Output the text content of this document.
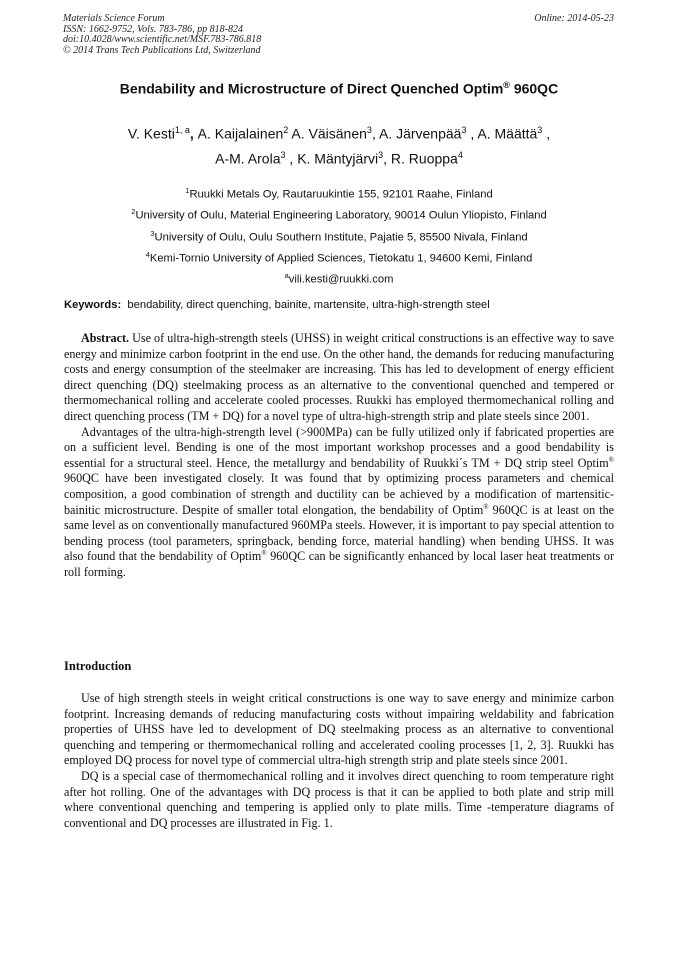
Materials Science Forum
ISSN: 1662-9752, Vols. 783-786, pp 818-824
doi:10.4028/www.scientific.net/MSF.783-786.818
© 2014 Trans Tech Publications Ltd, Switzerland
Online: 2014-05-23
Bendability and Microstructure of Direct Quenched Optim® 960QC
V. Kesti$^{1, a}$, A. Kaijalainen$^2$ A. Väisänen$^3$, A. Järvenpää$^3$ , A. Määttä$^3$ ,
A-M. Arola$^3$ , K. Mäntyjärvi$^3$, R. Ruoppa$^4$
$^1$Ruukki Metals Oy, Rautaruukintie 155, 92101 Raahe, Finland
$^2$University of Oulu, Material Engineering Laboratory, 90014 Oulun Yliopisto, Finland
$^3$University of Oulu, Oulu Southern Institute, Pajatie 5, 85500 Nivala, Finland
$^4$Kemi-Tornio University of Applied Sciences, Tietokatu 1, 94600 Kemi, Finland
$^a$vili.kesti@ruukki.com
Keywords: bendability, direct quenching, bainite, martensite, ultra-high-strength steel

Abstract. Use of ultra-high-strength steels (UHSS) in weight critical constructions is an effective way to save energy and minimize carbon footprint in the end use. On the other hand, the demands for reducing manufacturing costs and energy consumption of the steelmaker are increasing. This has led to development of energy efficient direct quenching (DQ) steelmaking process as an alternative to the conventional quenched and tempered or thermomechanical rolling and accelerate cooled processes. Ruukki has employed thermomechanical rolling and direct quenching process (TM + DQ) for a novel type of ultra-high-strength strip and plate steels since 2001.

Advantages of the ultra-high-strength level (>900MPa) can be fully utilized only if fabricated properties are on a sufficient level. Bending is one of the most important workshop processes and a good bendability is essential for a structural steel. Hence, the metallurgy and bendability of Ruukki´s TM + DQ strip steel Optim® 960QC have been investigated closely. It was found that by optimizing process parameters and chemical composition, a good combination of strength and ductility can be achieved by a modification of martensitic-bainitic microstructure. Despite of smaller total elongation, the bendability of Optim® 960QC is at least on the same level as on conventionally manufactured 960MPa steels. However, it is important to pay special attention to bending process (tool parameters, springback, bending force, material handling) when bending UHSS. It was also found that the bendability of Optim® 960QC can be significantly enhanced by local laser heat treatments or roll forming.

Introduction

Use of high strength steels in weight critical constructions is one way to save energy and minimize carbon footprint. Increasing demands of reducing manufacturing costs without impairing weldability and fabrication properties of UHSS have led to development of DQ steelmaking process as an alternative to conventional quenching and tempering or thermomechanical rolling and accelerated cooling processes [1, 2, 3]. Ruukki has employed DQ process for novel type of commercial ultra-high strength strip and plate steels since 2001.

DQ is a special case of thermomechanical rolling and it involves direct quenching to room temperature right after hot rolling. One of the advantages with DQ process is that it can be applied to both plate and strip mill where conventional quenching and tempering is applied only to plate mills. Time -temperature diagrams of conventional and DQ processes are illustrated in Fig. 1.
